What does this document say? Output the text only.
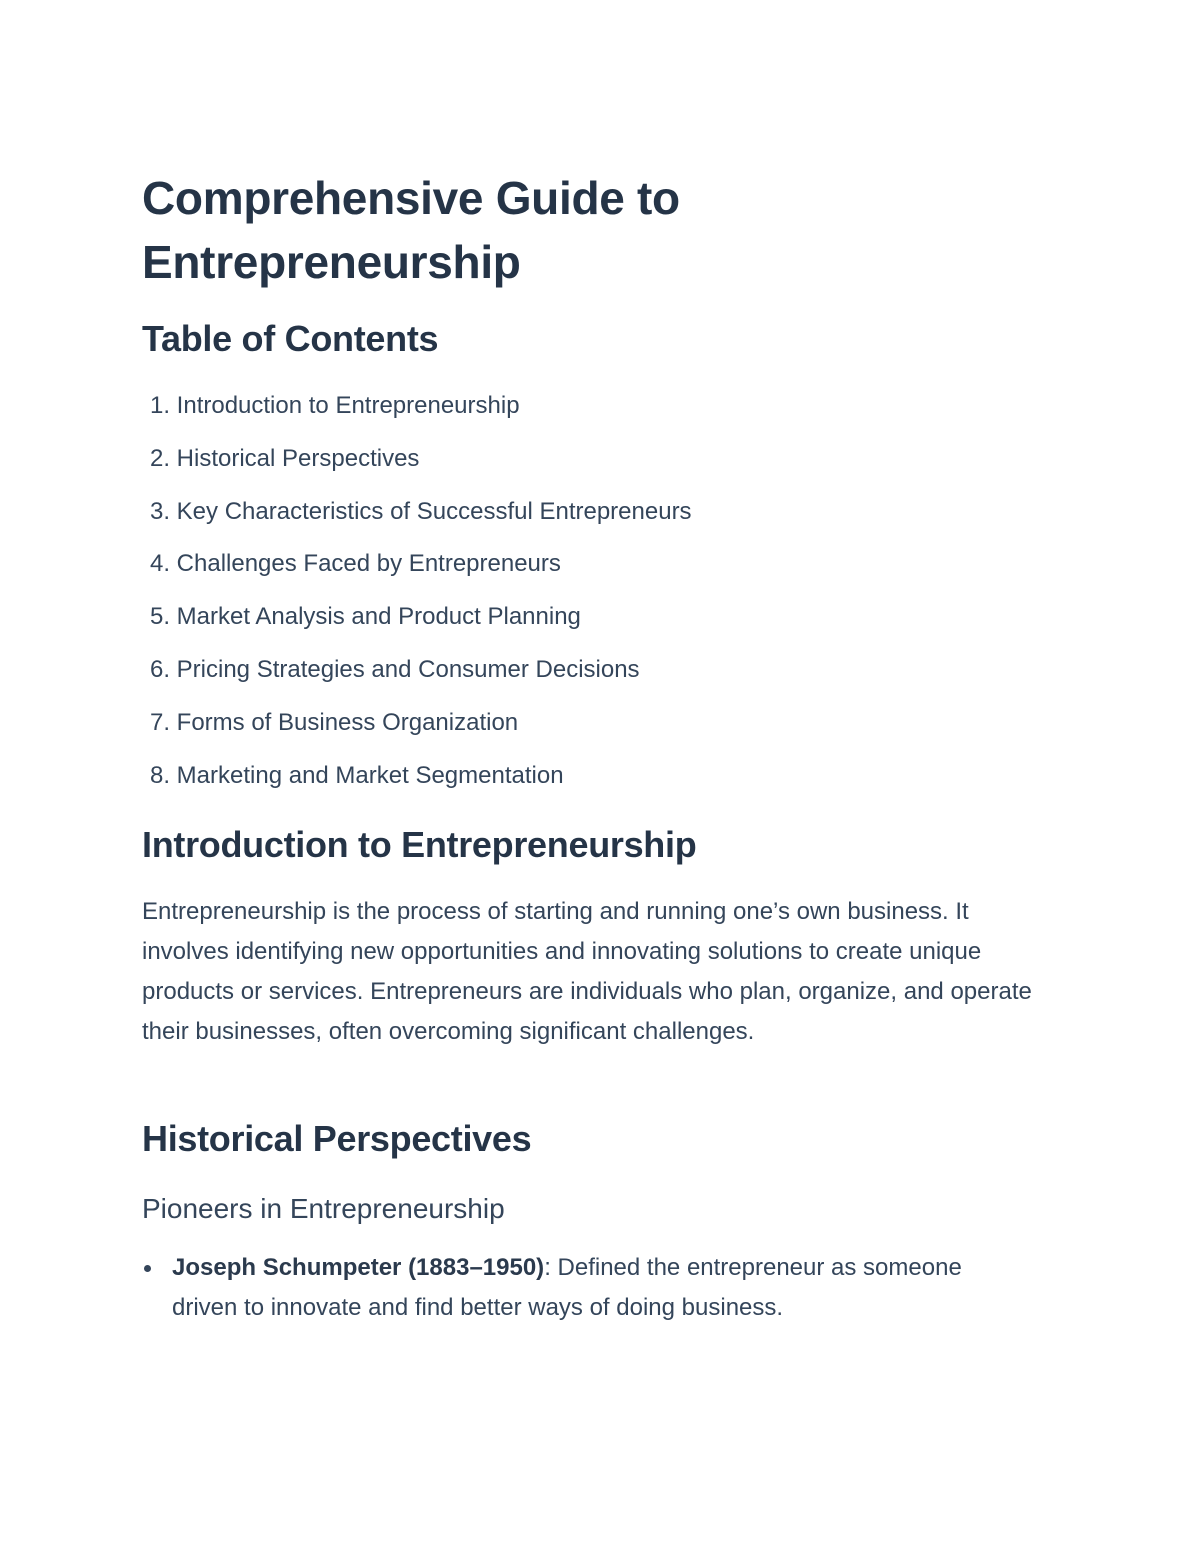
Comprehensive Guide to Entrepreneurship
Table of Contents
1. Introduction to Entrepreneurship
2. Historical Perspectives
3. Key Characteristics of Successful Entrepreneurs
4. Challenges Faced by Entrepreneurs
5. Market Analysis and Product Planning
6. Pricing Strategies and Consumer Decisions
7. Forms of Business Organization
8. Marketing and Market Segmentation
Introduction to Entrepreneurship

Entrepreneurship is the process of starting and running one’s own business. It involves identifying new opportunities and innovating solutions to create unique products or services. Entrepreneurs are individuals who plan, organize, and operate their businesses, often overcoming significant challenges.

Historical Perspectives
Pioneers in Entrepreneurship
Joseph Schumpeter (1883–1950): Defined the entrepreneur as someone driven to innovate and find better ways of doing business.
